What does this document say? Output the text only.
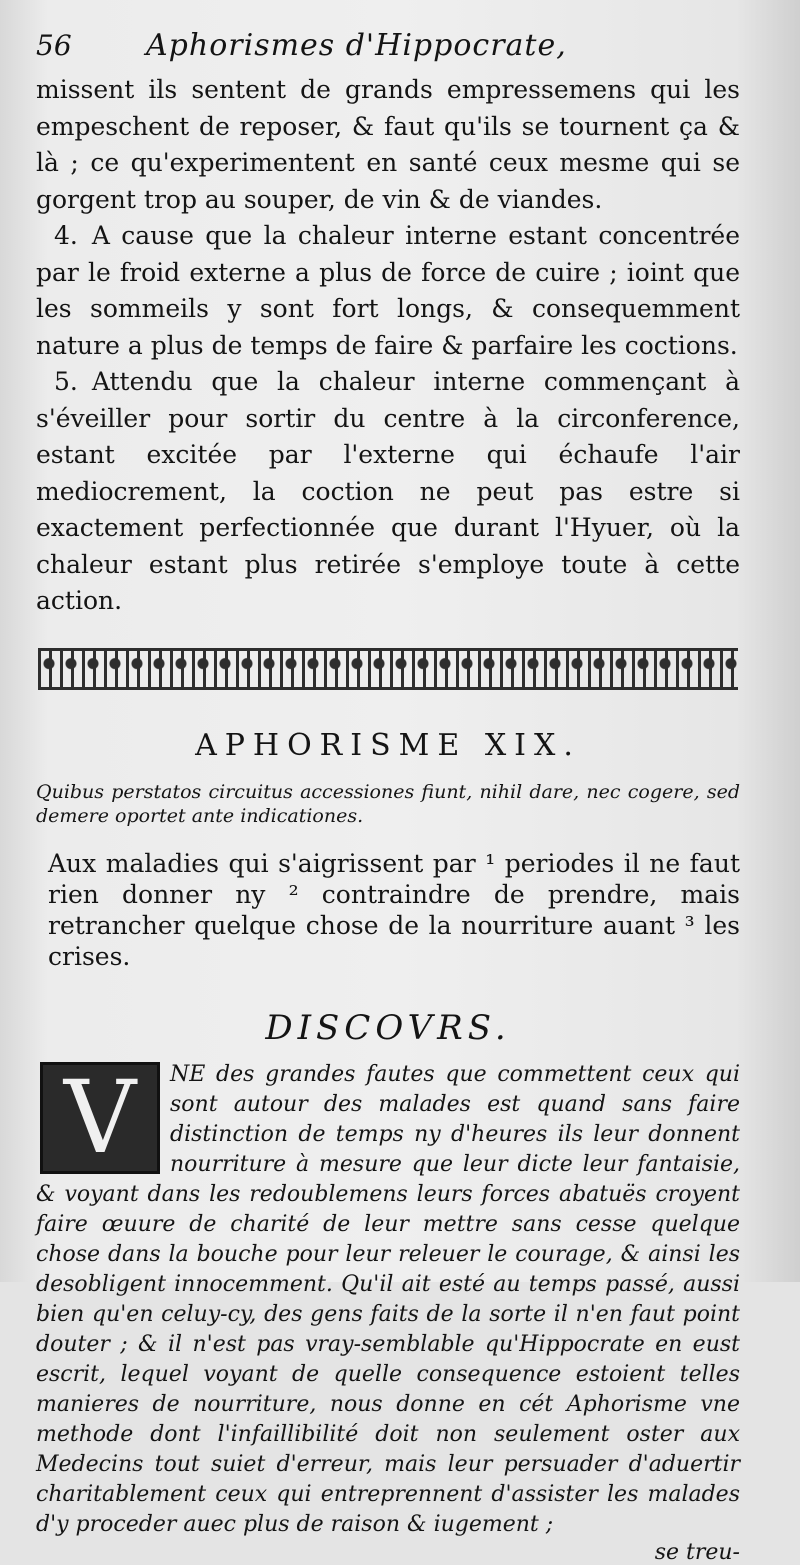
56	Aphorismes d'Hippocrate,

missent ils sentent de grands empressemens qui les empeschent de reposer, & faut qu'ils se tournent ça & là ; ce qu'experimentent en santé ceux mesme qui se gorgent trop au souper, de vin & de viandes.

4. A cause que la chaleur interne estant concentrée par le froid externe a plus de force de cuire ; ioint que les sommeils y sont fort longs, & consequemment nature a plus de temps de faire & parfaire les coctions.

5. Attendu que la chaleur interne commençant à s'éveiller pour sortir du centre à la circonference, estant excitée par l'externe qui échaufe l'air mediocrement, la coction ne peut pas estre si exactement perfectionnée que durant l'Hyuer, où la chaleur estant plus retirée s'employe toute à cette action.

APHORISME XIX.

Quibus perstatos circuitus accessiones fiunt, nihil dare, nec cogere, sed demere oportet ante indicationes.

Aux maladies qui s'aigrissent par ¹ periodes il ne faut rien donner ny ² contraindre de prendre, mais retrancher quelque chose de la nourriture auant ³ les crises.

DISCOVRS.
V	NE des grandes fautes que commettent ceux qui sont autour des malades est quand sans faire distinction de temps ny d'heures ils leur donnent nourriture à mesure que leur dicte leur fantaisie, & voyant dans les redoublemens leurs forces abatuës croyent faire œuure de charité de leur mettre sans cesse quelque chose dans la bouche pour leur releuer le courage, & ainsi les desobligent innocemment. Qu'il ait esté au temps passé, aussi bien qu'en celuy-cy, des gens faits de la sorte il n'en faut point douter ; & il n'est pas vray-semblable qu'Hippocrate en eust escrit, lequel voyant de quelle consequence estoient telles manieres de nourriture, nous donne en cét Aphorisme vne methode dont l'infaillibilité doit non seulement oster aux Medecins tout suiet d'erreur, mais leur persuader d'aduertir charitablement ceux qui entreprennent d'assister les malades d'y proceder auec plus de raison & iugement ;
se treu-
